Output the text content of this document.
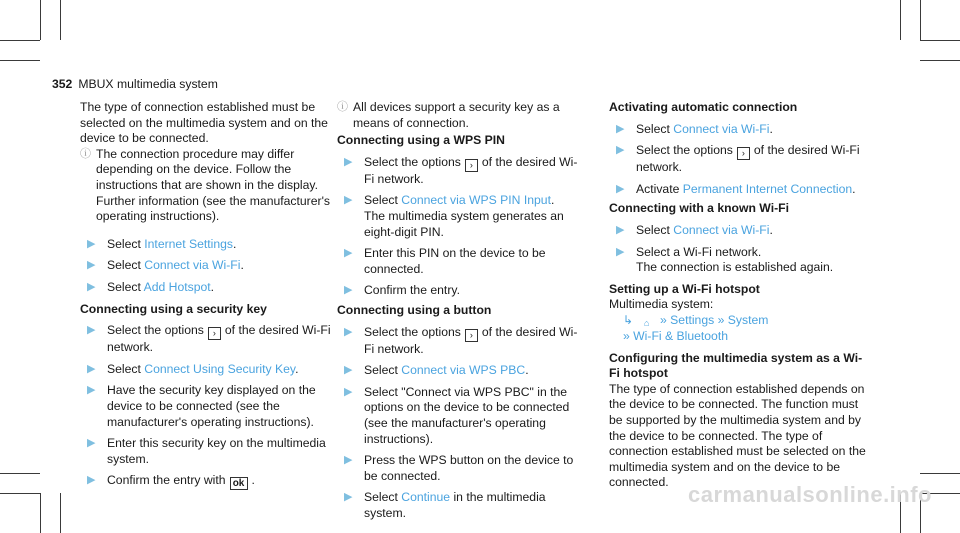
352 MBUX multimedia system

The type of connection established must be selected on the multimedia system and on the device to be connected.

ⓘ The connection procedure may differ depending on the device. Follow the instructions that are shown in the display. Further information (see the manufacturer's operating instructions).

▶ Select Internet Settings.

▶ Select Connect via Wi-Fi.

▶ Select Add Hotspot.

Connecting using a security key

▶ Select the options › of the desired Wi-Fi network.

▶ Select Connect Using Security Key.

▶ Have the security key displayed on the device to be connected (see the manufacturer's operating instructions).

▶ Enter this security key on the multimedia system.

▶ Confirm the entry with ok .

ⓘ All devices support a security key as a means of connection.

Connecting using a WPS PIN

▶ Select the options › of the desired Wi-Fi network.

▶ Select Connect via WPS PIN Input.
The multimedia system generates an eight-digit PIN.

▶ Enter this PIN on the device to be connected.

▶ Confirm the entry.

Connecting using a button

▶ Select the options › of the desired Wi-Fi network.

▶ Select Connect via WPS PBC.

▶ Select "Connect via WPS PBC" in the options on the device to be connected (see the manufacturer's operating instructions).

▶ Press the WPS button on the device to be connected.

▶ Select Continue in the multimedia system.

Activating automatic connection

▶ Select Connect via Wi-Fi.

▶ Select the options › of the desired Wi-Fi network.

▶ Activate Permanent Internet Connection.

Connecting with a known Wi-Fi

▶ Select Connect via Wi-Fi.

▶ Select a Wi-Fi network.
The connection is established again.

Setting up a Wi-Fi hotspot

Multimedia system:

↳ ⌂ » Settings » System

» Wi-Fi & Bluetooth

Configuring the multimedia system as a Wi-Fi hotspot

The type of connection established depends on the device to be connected. The function must be supported by the multimedia system and by the device to be connected. The type of connection established must be selected on the multimedia system and on the device to be connected.

carmanualsonline.info
